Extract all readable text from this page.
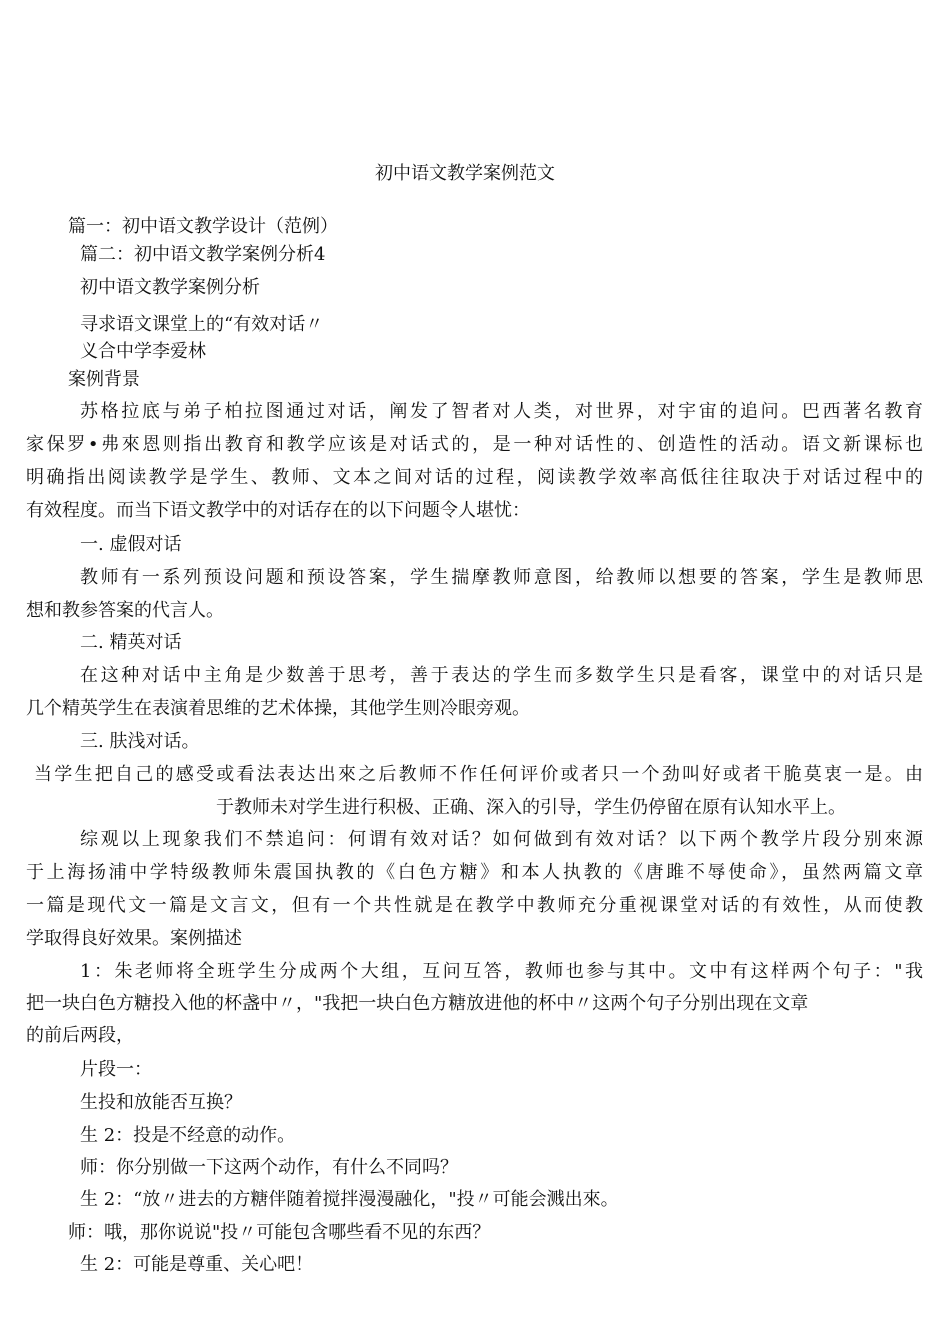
初中语文教学案例范文
篇一：初中语文教学设计（范例）
篇二：初中语文教学案例分析4
初中语文教学案例分析
寻求语文课堂上的“有效对话〃
义合中学李爱林
案例背景
苏格拉底与弟子柏拉图通过对话，阐发了智者对人类，对世界，对宇宙的追问。巴西著名教育
家保罗•弗來恩则指出教育和教学应该是对话式的，是一种对话性的、创造性的活动。语文新课标也
明确指出阅读教学是学生、教师、文本之间对话的过程，阅读教学效率高低往往取决于对话过程中的
有效程度。而当下语文教学中的对话存在的以下问题令人堪忧：
一. 虚假对话
教师有一系列预设问题和预设答案，学生揣摩教师意图，给教师以想要的答案，学生是教师思
想和教参答案的代言人。
二. 精英对话
在这种对话中主角是少数善于思考，善于表达的学生而多数学生只是看客，课堂中的对话只是
几个精英学生在表演着思维的艺术体操，其他学生则冷眼旁观。
三. 肤浅对话。
当学生把自己的感受或看法表达出來之后教师不作任何评价或者只一个劲叫好或者干脆莫衷一是。由
于教师未对学生进行积极、正确、深入的引导，学生仍停留在原有认知水平上。
综观以上现象我们不禁追问：何谓有效对话？如何做到有效对话？以下两个教学片段分别來源
于上海扬浦中学特级教师朱震国执教的《白色方糖》和本人执教的《唐雎不辱使命》，虽然两篇文章
一篇是现代文一篇是文言文，但有一个共性就是在教学中教师充分重视课堂对话的有效性，从而使教
学取得良好效果。案例描述
1：朱老师将全班学生分成两个大组，互问互答，教师也参与其中。文中有这样两个句子："我
把一块白色方糖投入他的杯盏中〃，"我把一块白色方糖放进他的杯中〃这两个句子分别出现在文章
的前后两段，
片段一：
生投和放能否互换？
生 2：投是不经意的动作。
师：你分别做一下这两个动作，有什么不同吗？
生 2：“放〃进去的方糖伴随着搅拌漫漫融化，"投〃可能会溅出來。
师：哦，那你说说"投〃可能包含哪些看不见的东西？
生 2：可能是尊重、关心吧！
